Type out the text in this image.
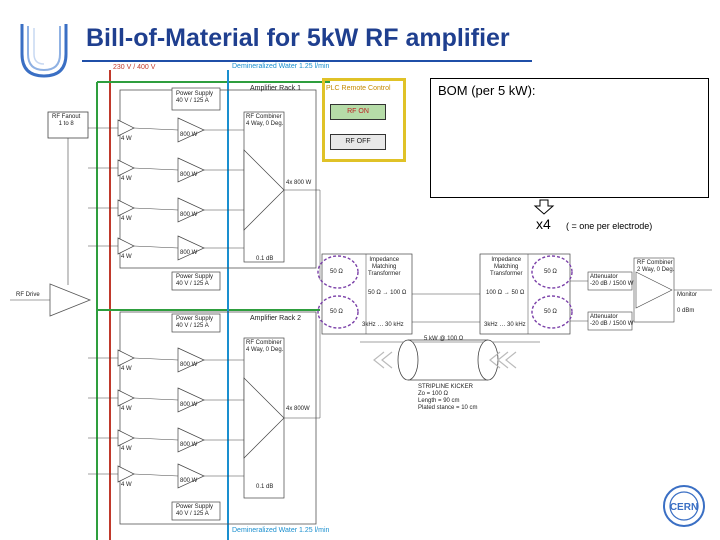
Bill-of-Material for 5kW RF amplifier
230 V / 400 V	Demineralized Water 1.25 l/min
Demineralized Water 1.25 l/min
Amplifier Rack 1
Amplifier Rack 2
RF Fanout
1 to 8
RF Drive
Power Supply
40 V / 125 A
Power Supply
40 V / 125 A
Power Supply
40 V / 125 A
Power Supply
40 V / 125 A
4 W
800 W
4 W
800 W
4 W
800 W
4 W
800 W
4 W
800 W
4 W
800 W
4 W
800 W
4 W
800 W
RF Combiner
4 Way, 0 Deg.
RF Combiner
4 Way, 0 Deg.
4x 800 W
4x 800W
0.1 dB
0.1 dB
Impedance
Matching
Transformer
Impedance
Matching
Transformer
50 Ω
50 Ω
50 Ω
50 Ω
50 Ω → 100 Ω	100 Ω → 50 Ω
3kHz … 30 kHz	3kHz … 30 kHz
RF Combiner
2 Way, 0 Deg.
Attenuator
-20 dB / 1500 W
Attenuator
-20 dB / 1500 W
Monitor
0 dBm
5 kW @ 100 Ω
STRIPLINE KICKER
Zo = 100 Ω
Length = 90 cm
Plated stance = 10 cm
PLC Remote Control
RF ON
RF OFF
BOM (per 5 kW):
x4 ( = one per electrode)
CERN
